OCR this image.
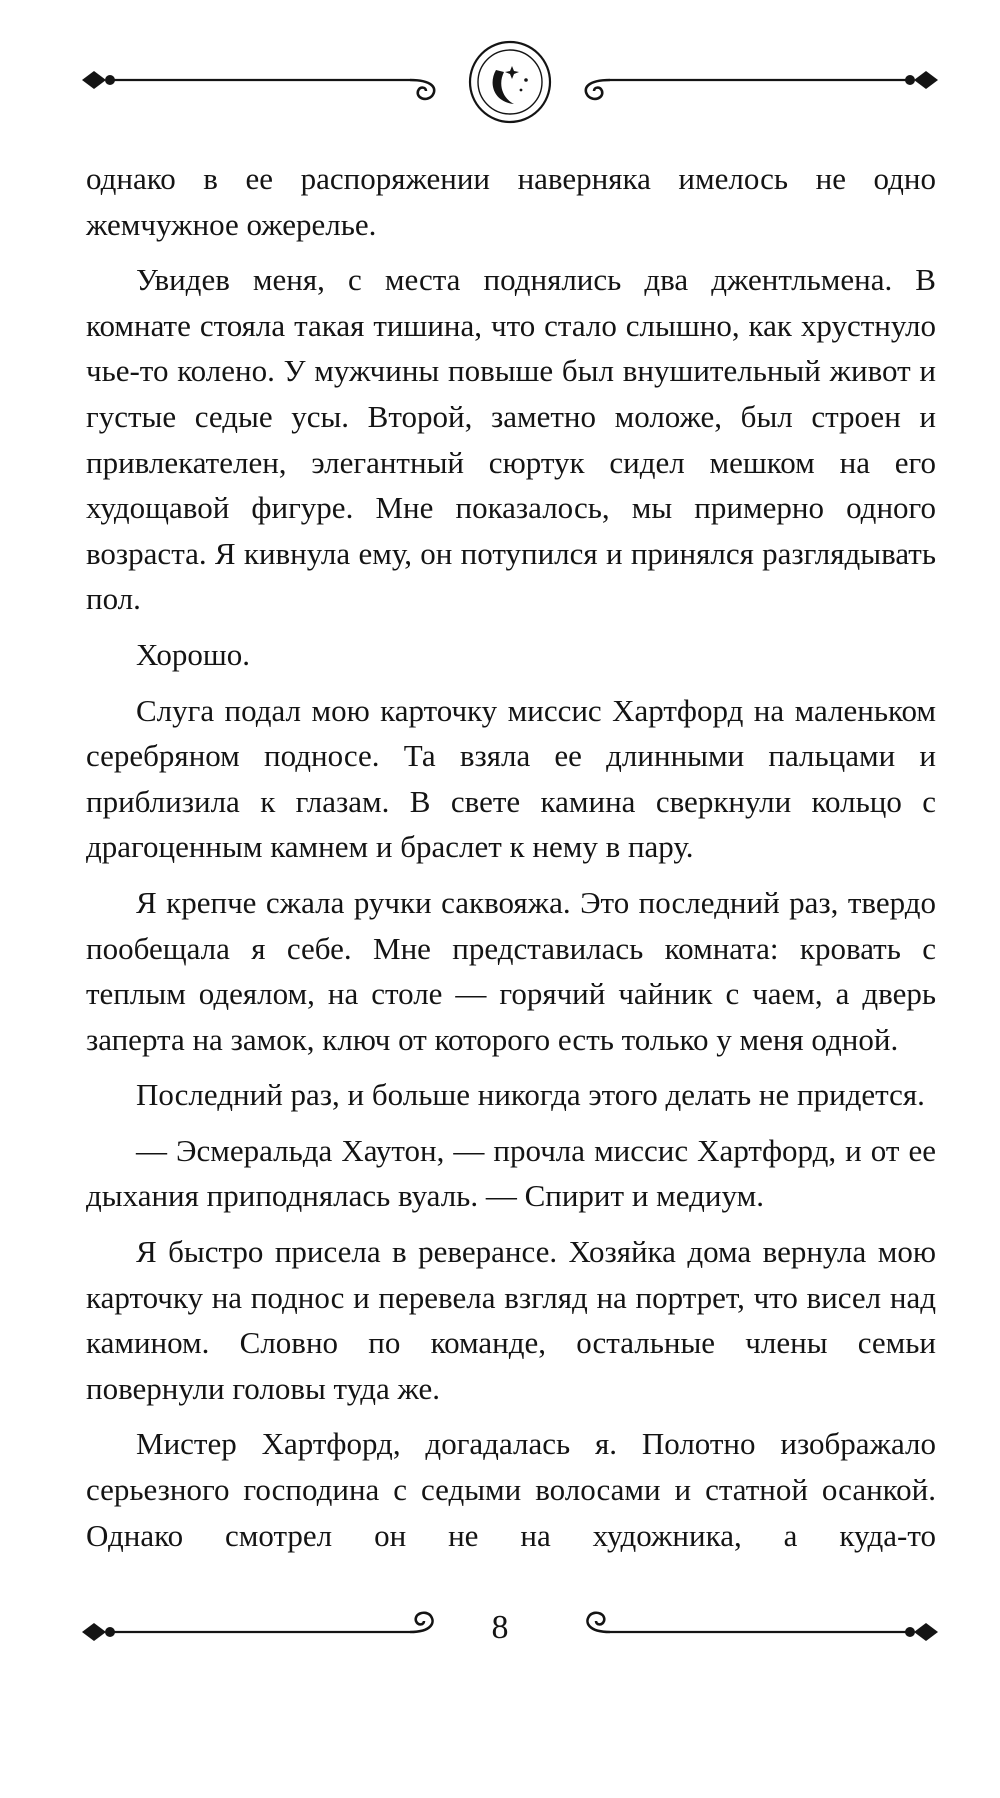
однако в ее распоряжении наверняка имелось не одно жемчужное ожерелье.

Увидев меня, с места поднялись два джентльмена. В комнате стояла такая тишина, что стало слышно, как хрустнуло чье-то колено. У мужчины повыше был внушительный живот и густые седые усы. Второй, заметно моложе, был строен и привлекателен, элегантный сюртук сидел мешком на его худощавой фигуре. Мне показалось, мы примерно одного возраста. Я кивнула ему, он потупился и принялся разглядывать пол.

Хорошо.

Слуга подал мою карточку миссис Хартфорд на маленьком серебряном подносе. Та взяла ее длинными пальцами и приблизила к глазам. В свете камина сверкнули кольцо с драгоценным камнем и браслет к нему в пару.

Я крепче сжала ручки саквояжа. Это последний раз, твердо пообещала я себе. Мне представилась комната: кровать с теплым одеялом, на столе — горячий чайник с чаем, а дверь заперта на замок, ключ от которого есть только у меня одной.

Последний раз, и больше никогда этого делать не придется.

— Эсмеральда Хаутон, — прочла миссис Хартфорд, и от ее дыхания приподнялась вуаль. — Спирит и медиум.

Я быстро присела в реверансе. Хозяйка дома вернула мою карточку на поднос и перевела взгляд на портрет, что висел над камином. Словно по команде, остальные члены семьи повернули головы туда же.

Мистер Хартфорд, догадалась я. Полотно изображало серьезного господина с седыми волосами и статной осанкой. Однако смотрел он не на художника, а куда-то

8
